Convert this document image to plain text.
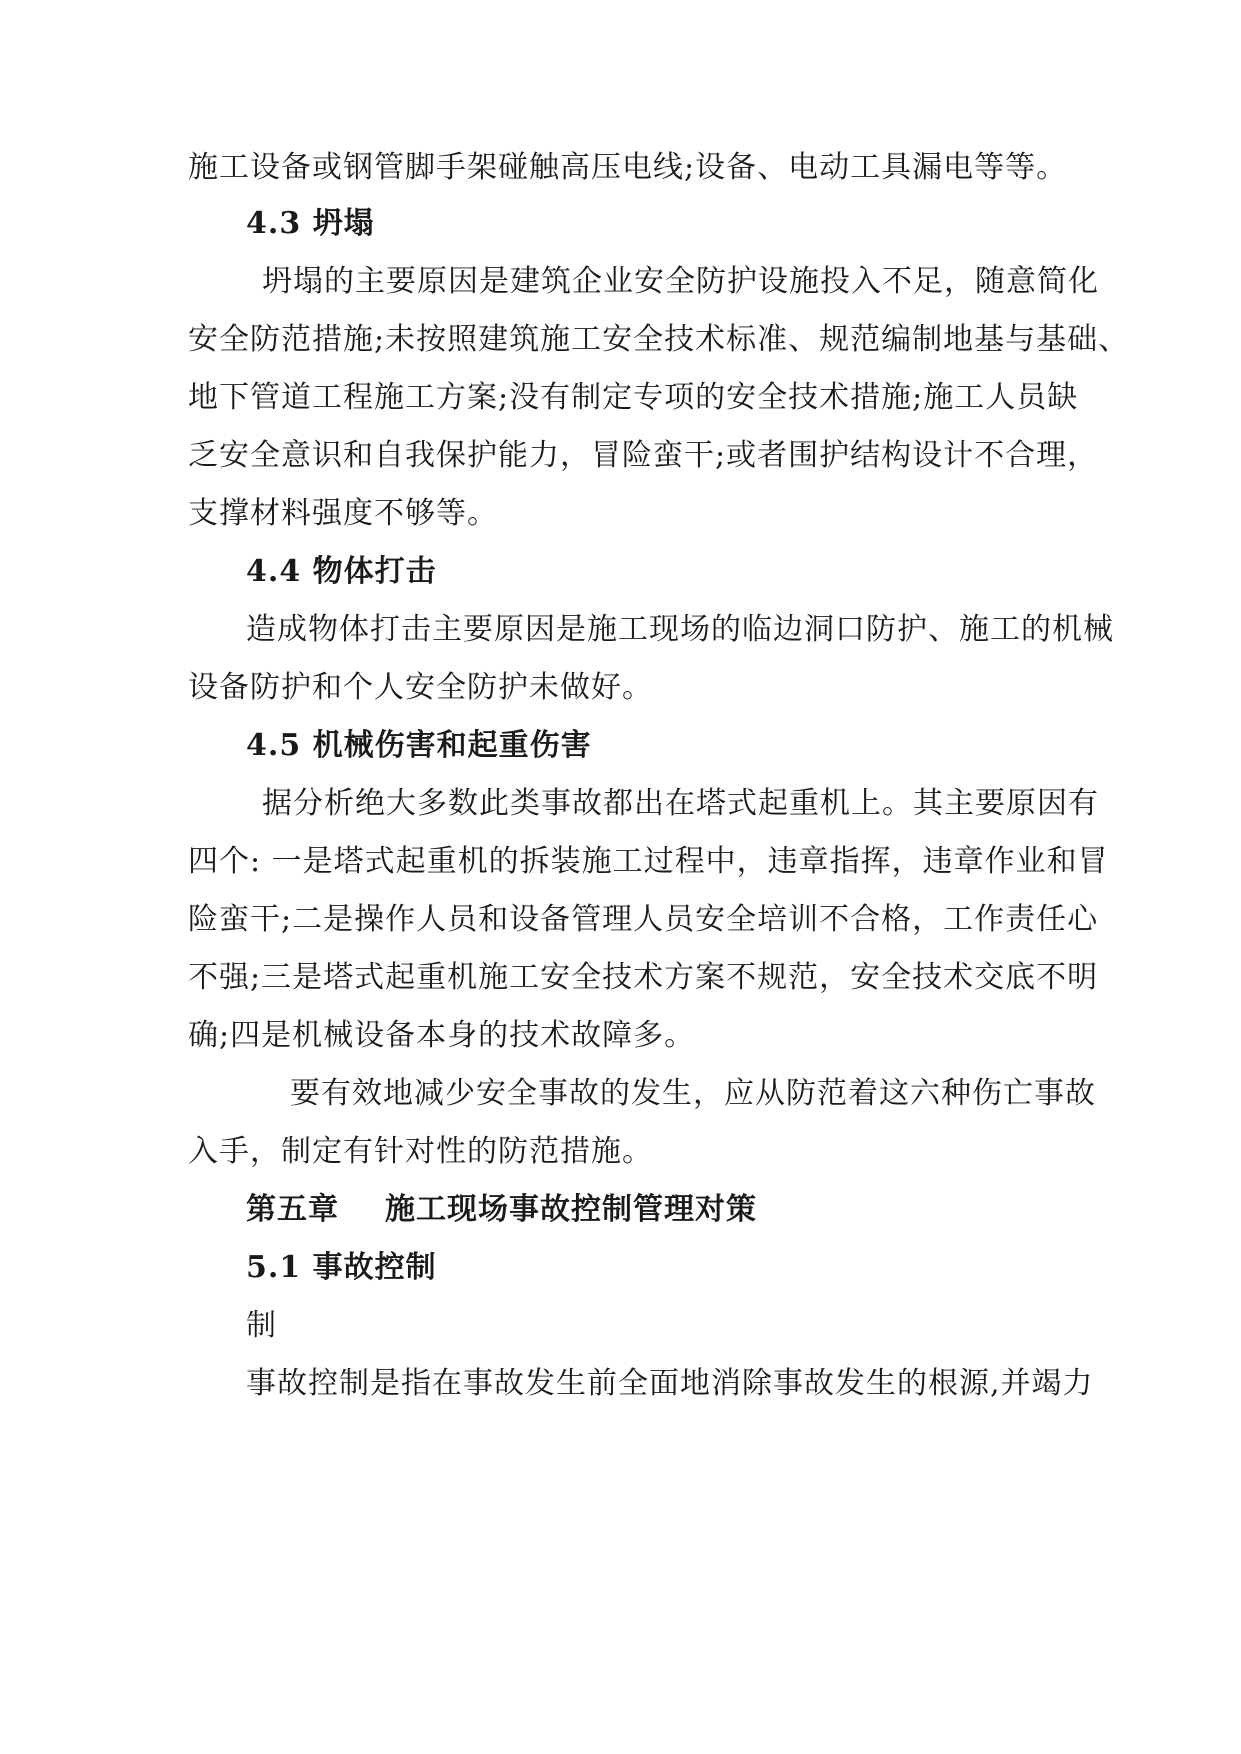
施工设备或钢管脚手架碰触高压电线;设备、电动工具漏电等等。
4.3 坍塌
坍塌的主要原因是建筑企业安全防护设施投入不足，随意简化
安全防范措施;未按照建筑施工安全技术标准、规范编制地基与基础、
地下管道工程施工方案;没有制定专项的安全技术措施;施工人员缺
乏安全意识和自我保护能力，冒险蛮干;或者围护结构设计不合理，
支撑材料强度不够等。
4.4 物体打击
造成物体打击主要原因是施工现场的临边洞口防护、施工的机械
设备防护和个人安全防护未做好。
4.5 机械伤害和起重伤害
据分析绝大多数此类事故都出在塔式起重机上。其主要原因有
四个: 一是塔式起重机的拆装施工过程中，违章指挥，违章作业和冒
险蛮干;二是操作人员和设备管理人员安全培训不合格，工作责任心
不强;三是塔式起重机施工安全技术方案不规范，安全技术交底不明
确;四是机械设备本身的技术故障多。
要有效地减少安全事故的发生，应从防范着这六种伤亡事故
入手，制定有针对性的防范措施。
第五章 施工现场事故控制管理对策
5.1 事故控制
制
事故控制是指在事故发生前全面地消除事故发生的根源,并竭力
